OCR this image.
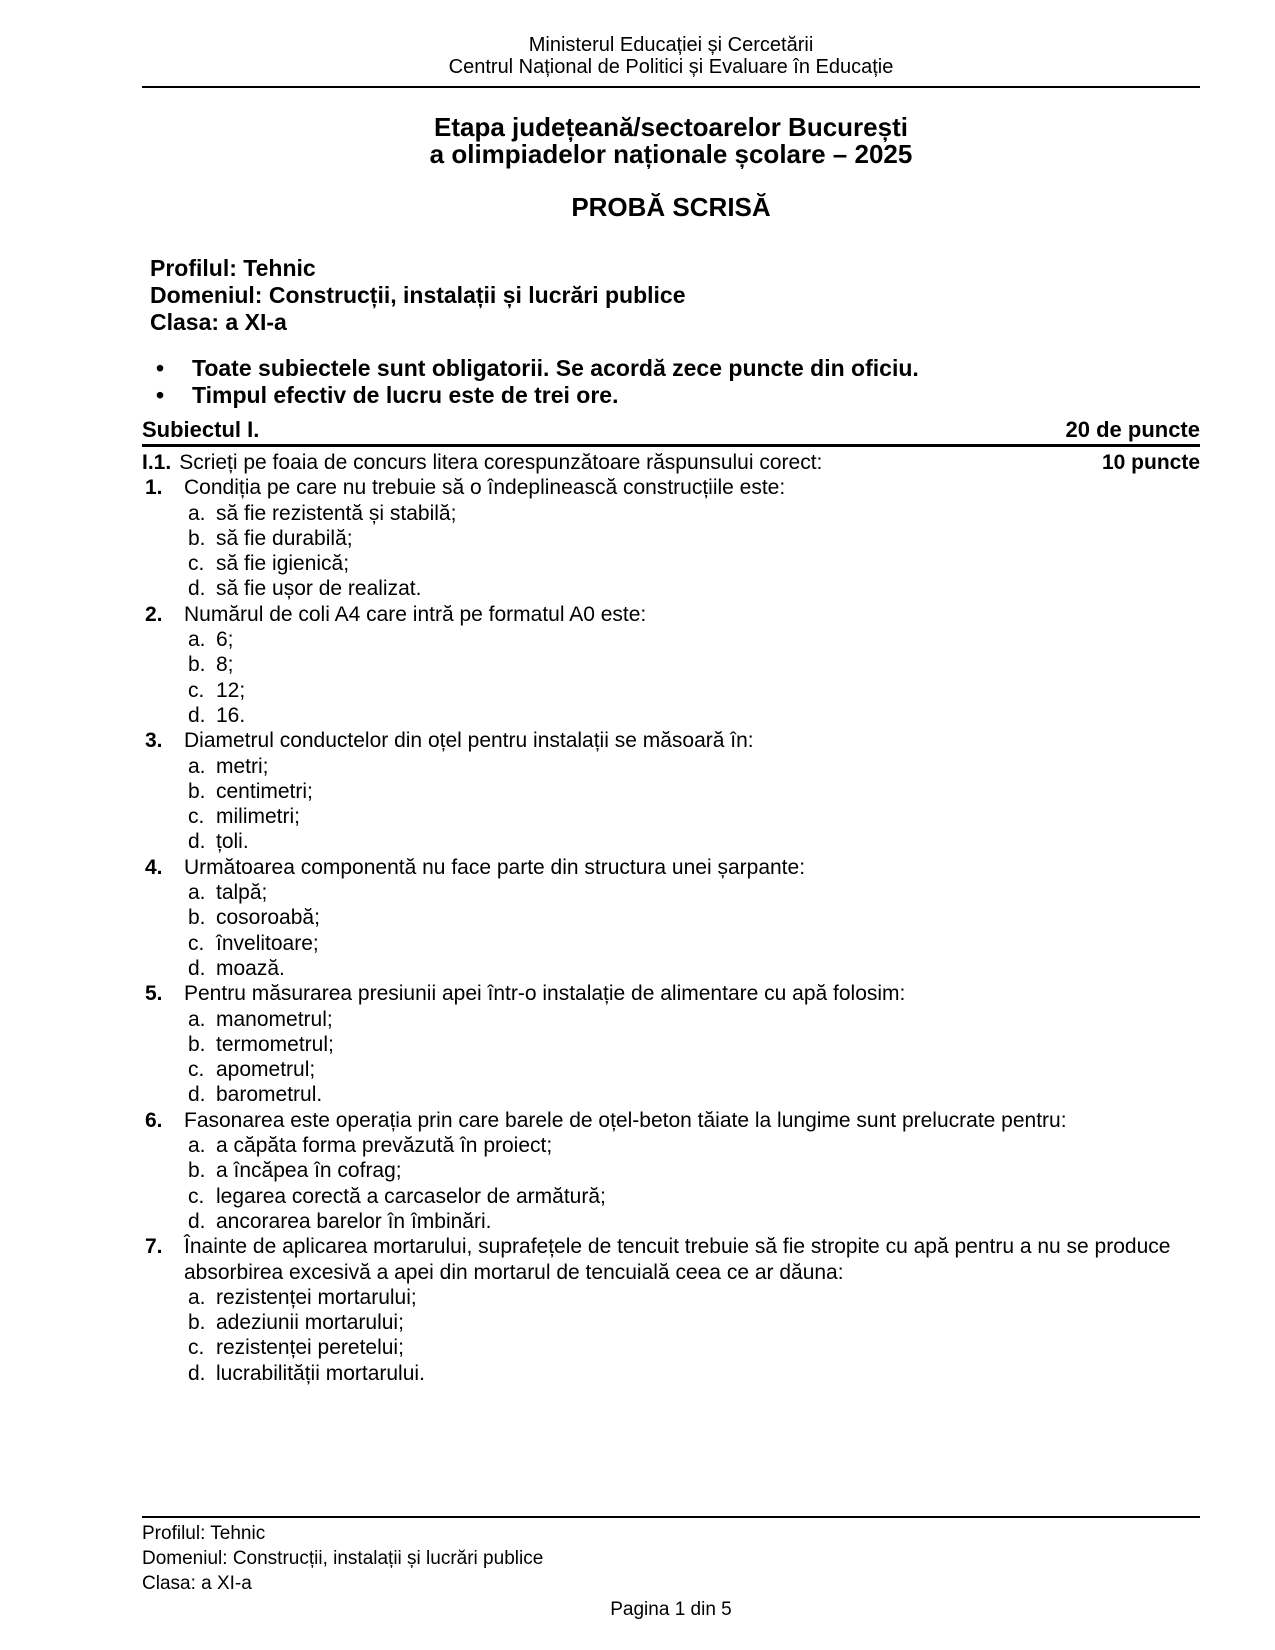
Ministerul Educației și Cercetării
Centrul Național de Politici și Evaluare în Educație
Etapa județeană/sectoarelor București
a olimpiadelor naționale școlare – 2025
PROBĂ SCRISĂ
Profilul: Tehnic
Domeniul: Construcții, instalații și lucrări publice
Clasa: a XI-a
•	Toate subiectele sunt obligatorii. Se acordă zece puncte din oficiu.
•	Timpul efectiv de lucru este de trei ore.
Subiectul I.	20 de puncte
I.1. Scrieți pe foaia de concurs litera corespunzătoare răspunsului corect:	10 puncte
1.	Condiția pe care nu trebuie să o îndeplinească construcțiile este:
a. să fie rezistentă și stabilă;
b. să fie durabilă;
c. să fie igienică;
d. să fie ușor de realizat.
2.	Numărul de coli A4 care intră pe formatul A0 este:
a. 6;
b. 8;
c. 12;
d. 16.
3.	Diametrul conductelor din oțel pentru instalații se măsoară în:
a. metri;
b. centimetri;
c. milimetri;
d. țoli.
4.	Următoarea componentă nu face parte din structura unei șarpante:
a. talpă;
b. cosoroabă;
c. învelitoare;
d. moază.
5.	Pentru măsurarea presiunii apei într-o instalație de alimentare cu apă folosim:
a. manometrul;
b. termometrul;
c. apometrul;
d. barometrul.
6.	Fasonarea este operația prin care barele de oțel-beton tăiate la lungime sunt prelucrate pentru:
a. a căpăta forma prevăzută în proiect;
b. a încăpea în cofrag;
c. legarea corectă a carcaselor de armătură;
d. ancorarea barelor în îmbinări.
7.	Înainte de aplicarea mortarului, suprafețele de tencuit trebuie să fie stropite cu apă pentru a nu se produce absorbirea excesivă a apei din mortarul de tencuială ceea ce ar dăuna:
a. rezistenței mortarului;
b. adeziunii mortarului;
c. rezistenței peretelui;
d. lucrabilității mortarului.
Profilul: Tehnic
Domeniul: Construcții, instalații și lucrări publice
Clasa: a XI-a
Pagina 1 din 5
